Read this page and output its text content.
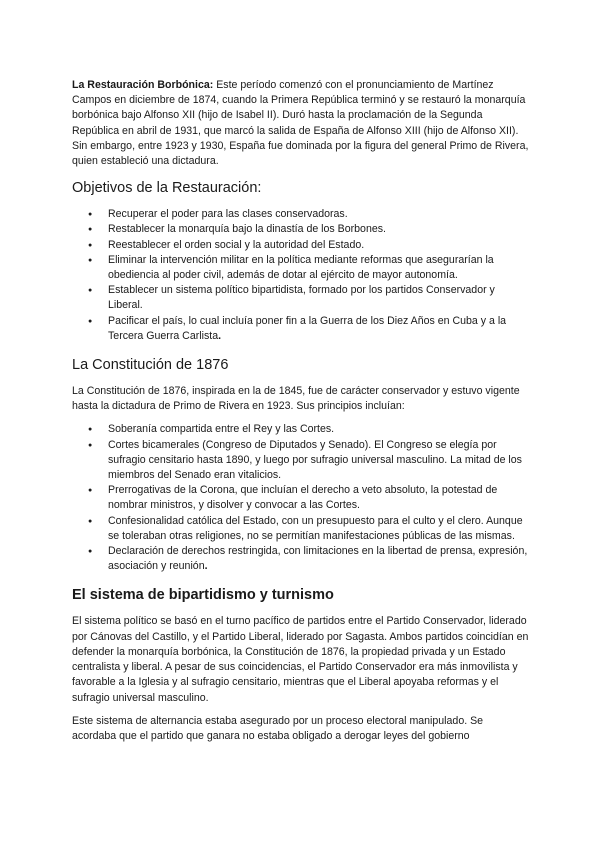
La Restauración Borbónica: Este período comenzó con el pronunciamiento de Martínez Campos en diciembre de 1874, cuando la Primera República terminó y se restauró la monarquía borbónica bajo Alfonso XII (hijo de Isabel II). Duró hasta la proclamación de la Segunda República en abril de 1931, que marcó la salida de España de Alfonso XIII (hijo de Alfonso XII). Sin embargo, entre 1923 y 1930, España fue dominada por la figura del general Primo de Rivera, quien estableció una dictadura.

Objetivos de la Restauración:
● Recuperar el poder para las clases conservadoras.
● Restablecer la monarquía bajo la dinastía de los Borbones.
● Reestablecer el orden social y la autoridad del Estado.
● Eliminar la intervención militar en la política mediante reformas que asegurarían la obediencia al poder civil, además de dotar al ejército de mayor autonomía.
● Establecer un sistema político bipartidista, formado por los partidos Conservador y Liberal.
● Pacificar el país, lo cual incluía poner fin a la Guerra de los Diez Años en Cuba y a la Tercera Guerra Carlista.
La Constitución de 1876

La Constitución de 1876, inspirada en la de 1845, fue de carácter conservador y estuvo vigente hasta la dictadura de Primo de Rivera en 1923. Sus principios incluían:

● Soberanía compartida entre el Rey y las Cortes.
● Cortes bicamerales (Congreso de Diputados y Senado). El Congreso se elegía por sufragio censitario hasta 1890, y luego por sufragio universal masculino. La mitad de los miembros del Senado eran vitalicios.
● Prerrogativas de la Corona, que incluían el derecho a veto absoluto, la potestad de nombrar ministros, y disolver y convocar a las Cortes.
● Confesionalidad católica del Estado, con un presupuesto para el culto y el clero. Aunque se toleraban otras religiones, no se permitían manifestaciones públicas de las mismas.
● Declaración de derechos restringida, con limitaciones en la libertad de prensa, expresión, asociación y reunión.
El sistema de bipartidismo y turnismo

El sistema político se basó en el turno pacífico de partidos entre el Partido Conservador, liderado por Cánovas del Castillo, y el Partido Liberal, liderado por Sagasta. Ambos partidos coincidían en defender la monarquía borbónica, la Constitución de 1876, la propiedad privada y un Estado centralista y liberal. A pesar de sus coincidencias, el Partido Conservador era más inmovilista y favorable a la Iglesia y al sufragio censitario, mientras que el Liberal apoyaba reformas y el sufragio universal masculino.

Este sistema de alternancia estaba asegurado por un proceso electoral manipulado. Se acordaba que el partido que ganara no estaba obligado a derogar leyes del gobierno
